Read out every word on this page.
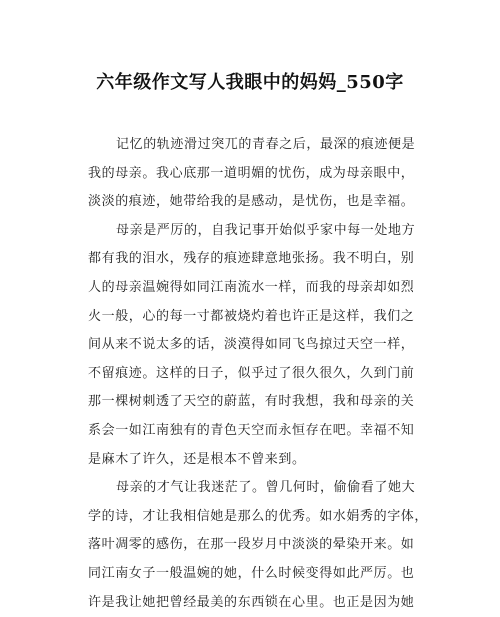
六年级作文写人我眼中的妈妈_550字
记忆的轨迹滑过突兀的青春之后，最深的痕迹便是
我的母亲。我心底那一道明媚的忧伤，成为母亲眼中，
淡淡的痕迹，她带给我的是感动，是忧伤，也是幸福。
母亲是严厉的，自我记事开始似乎家中每一处地方
都有我的泪水，残存的痕迹肆意地张扬。我不明白，别
人的母亲温婉得如同江南流水一样，而我的母亲却如烈
火一般，心的每一寸都被烧灼着也许正是这样，我们之
间从来不说太多的话，淡漠得如同飞鸟掠过天空一样，
不留痕迹。这样的日子，似乎过了很久很久，久到门前
那一棵树刺透了天空的蔚蓝，有时我想，我和母亲的关
系会一如江南独有的青色天空而永恒存在吧。幸福不知
是麻木了许久，还是根本不曾来到。
母亲的才气让我迷茫了。曾几何时，偷偷看了她大
学的诗，才让我相信她是那么的优秀。如水娟秀的字体，
落叶凋零的感伤，在那一段岁月中淡淡的晕染开来。如
同江南女子一般温婉的她，什么时候变得如此严厉。也
许是我让她把曾经最美的东西锁在心里。也正是因为她
